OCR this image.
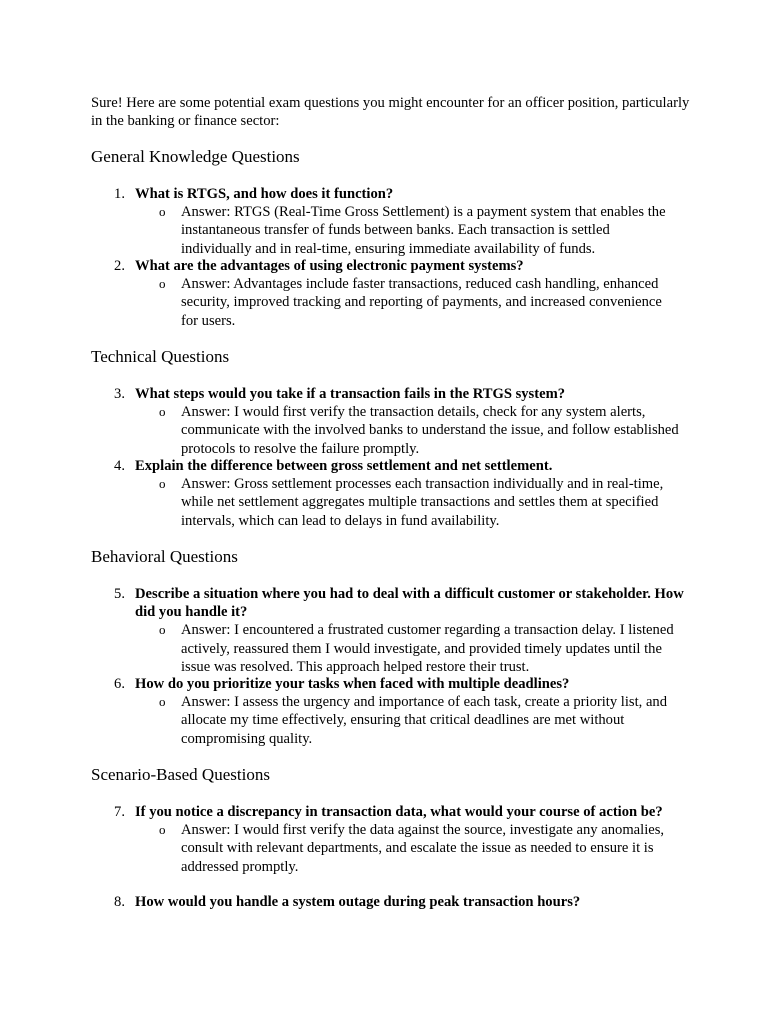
Sure! Here are some potential exam questions you might encounter for an officer position, particularly in the banking or finance sector:
General Knowledge Questions
1. What is RTGS, and how does it function?
o Answer: RTGS (Real-Time Gross Settlement) is a payment system that enables the instantaneous transfer of funds between banks. Each transaction is settled individually and in real-time, ensuring immediate availability of funds.
2. What are the advantages of using electronic payment systems?
o Answer: Advantages include faster transactions, reduced cash handling, enhanced security, improved tracking and reporting of payments, and increased convenience for users.
Technical Questions
3. What steps would you take if a transaction fails in the RTGS system?
o Answer: I would first verify the transaction details, check for any system alerts, communicate with the involved banks to understand the issue, and follow established protocols to resolve the failure promptly.
4. Explain the difference between gross settlement and net settlement.
o Answer: Gross settlement processes each transaction individually and in real-time, while net settlement aggregates multiple transactions and settles them at specified intervals, which can lead to delays in fund availability.
Behavioral Questions
5. Describe a situation where you had to deal with a difficult customer or stakeholder. How did you handle it?
o Answer: I encountered a frustrated customer regarding a transaction delay. I listened actively, reassured them I would investigate, and provided timely updates until the issue was resolved. This approach helped restore their trust.
6. How do you prioritize your tasks when faced with multiple deadlines?
o Answer: I assess the urgency and importance of each task, create a priority list, and allocate my time effectively, ensuring that critical deadlines are met without compromising quality.
Scenario-Based Questions
7. If you notice a discrepancy in transaction data, what would your course of action be?
o Answer: I would first verify the data against the source, investigate any anomalies, consult with relevant departments, and escalate the issue as needed to ensure it is addressed promptly.
8. How would you handle a system outage during peak transaction hours?
